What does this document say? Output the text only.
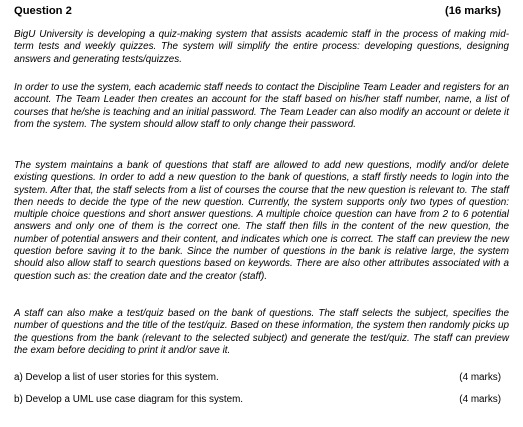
Question 2	(16 marks)

BigU University is developing a quiz-making system that assists academic staff in the process of making mid-term tests and weekly quizzes. The system will simplify the entire process: developing questions, designing answers and generating tests/quizzes.

In order to use the system, each academic staff needs to contact the Discipline Team Leader and registers for an account. The Team Leader then creates an account for the staff based on his/her staff number, name, a list of courses that he/she is teaching and an initial password. The Team Leader can also modify an account or delete it from the system. The system should allow staff to only change their password.

The system maintains a bank of questions that staff are allowed to add new questions, modify and/or delete existing questions. In order to add a new question to the bank of questions, a staff firstly needs to login into the system. After that, the staff selects from a list of courses the course that the new question is relevant to. The staff then needs to decide the type of the new question. Currently, the system supports only two types of question: multiple choice questions and short answer questions. A multiple choice question can have from 2 to 6 potential answers and only one of them is the correct one. The staff then fills in the content of the new question, the number of potential answers and their content, and indicates which one is correct. The staff can preview the new question before saving it to the bank. Since the number of questions in the bank is relative large, the system should also allow staff to search questions based on keywords. There are also other attributes associated with a question such as: the creation date and the creator (staff).

A staff can also make a test/quiz based on the bank of questions. The staff selects the subject, specifies the number of questions and the title of the test/quiz. Based on these information, the system then randomly picks up the questions from the bank (relevant to the selected subject) and generate the test/quiz. The staff can preview the exam before deciding to print it and/or save it.

a) Develop a list of user stories for this system.	(4 marks)
b) Develop a UML use case diagram for this system.	(4 marks)
